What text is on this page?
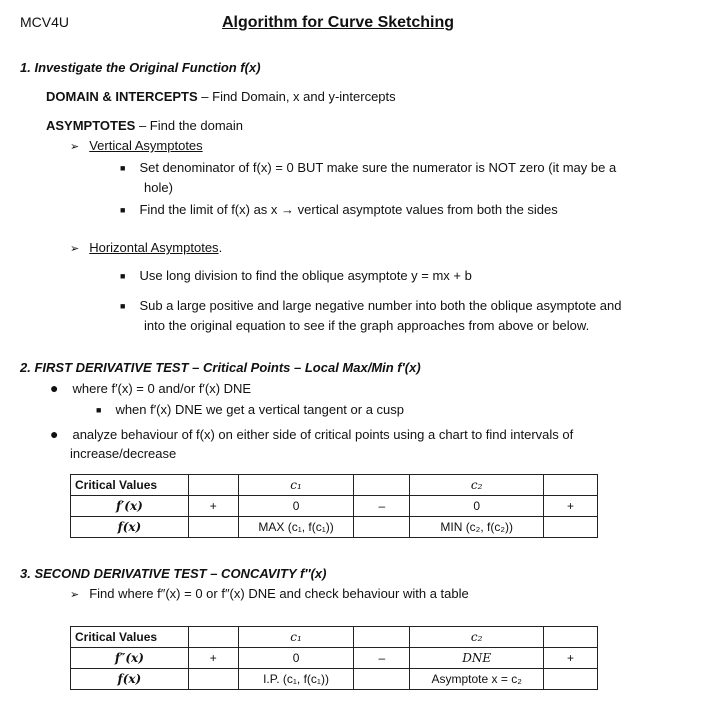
MCV4U	Algorithm for Curve Sketching
1. Investigate the Original Function f(x)
DOMAIN & INTERCEPTS – Find Domain, x and y-intercepts
ASYMPTOTES – Find the domain
➢ Vertical Asymptotes
■ Set denominator of f(x) = 0 BUT make sure the numerator is NOT zero (it may be a
hole)
■ Find the limit of f(x) as x → vertical asymptote values from both the sides
➢ Horizontal Asymptotes.
■ Use long division to find the oblique asymptote y = mx + b
■ Sub a large positive and large negative number into both the oblique asymptote and
into the original equation to see if the graph approaches from above or below.
2. FIRST DERIVATIVE TEST – Critical Points – Local Max/Min f′(x)
● where f′(x) = 0 and/or f′(x) DNE
■ when f′(x) DNE we get a vertical tangent or a cusp
● analyze behaviour of f(x) on either side of critical points using a chart to find intervals of
increase/decrease
Critical Values		c₁		c₂	
f′(x)	+	0	–	0	+
f(x)		MAX (c₁, f(c₁))		MIN (c₂, f(c₂))	
3. SECOND DERIVATIVE TEST – CONCAVITY f″(x)
➢ Find where f″(x) = 0 or f″(x) DNE and check behaviour with a table
Critical Values		c₁		c₂	
f″(x)	+	0	–	DNE	+
f(x)		I.P. (c₁, f(c₁))		Asymptote x = c₂	
